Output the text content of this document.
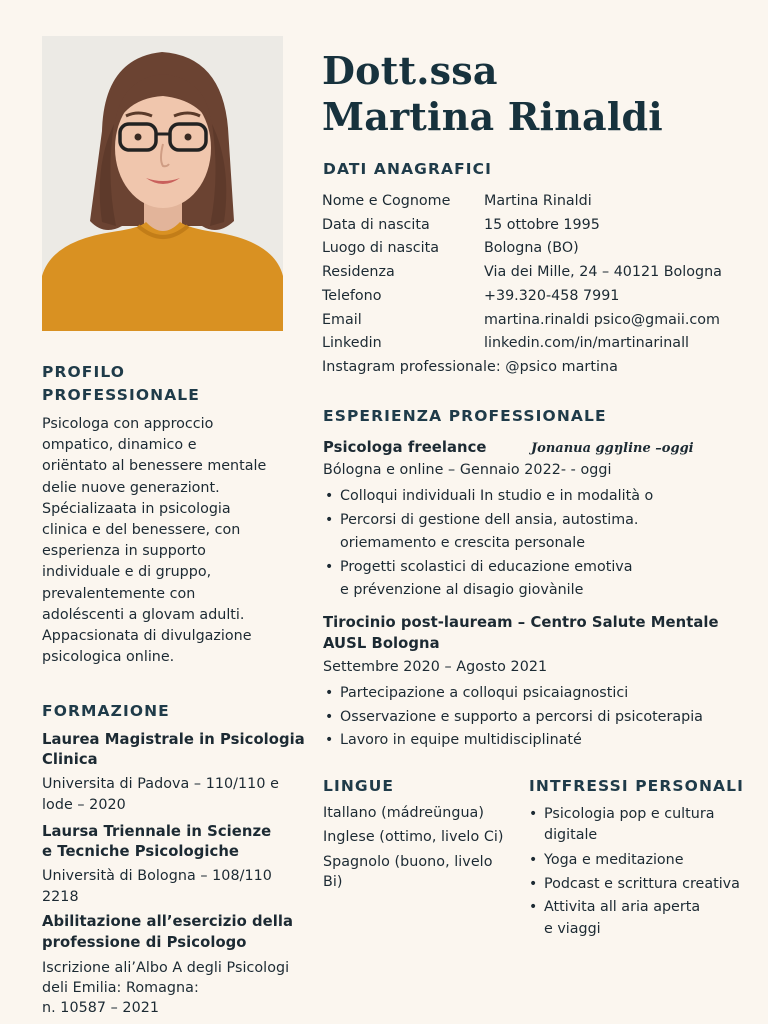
Dott.ssa
Martina Rinaldi
DATI ANAGRAFICI
Nome e Cognome Martina Rinaldi
Data di nascita	15 ottobre 1995
Luogo di nascita	Bologna (BO)
Residenza	Via dei Mille, 24 – 40121 Bologna
Telefono	+39.320-458 7991
Email	martina.rinaldi psico@gmaii.com
Linkedin	linkedin.com/in/martinarinall
Instagram professionale: @psico martina
PROFILO
PROFESSIONALE
Psicologa con approccio
ompatico, dinamico e
oriëntato al benessere mentale
delie nuove generaziont.
Spécializaata in psicologia
clinica e del benessere, con
esperienza in supporto
individuale e di gruppo,
prevalentemente con
adoléscenti a glovam adulti.
Appacsionata di divulgazione
psicologica online.
ESPERIENZA PROFESSIONALE
Psicologa freelance	Jonanua ggŋline –oggi
Bólogna e online – Gennaio 2022- - oggi
• Colloqui individuali In studio e in modalità o
• Percorsi di gestione dell ansia, autostima.
oriemamento e crescita personale
• Progetti scolastici di educazione emotiva
e prévenzione al disagio giovànile
Tirocinio post-lauream – Centro Salute Mentale
AUSL Bologna
Settembre 2020 – Agosto 2021
• Partecipazione a colloqui psicaiagnostici
• Osservazione e supporto a percorsi di psicoterapia
• Lavoro in equipe multidisciplinaté
FORMAZIONE
Laurea Magistrale in Psicologia
Clinica
Universita di Padova – 110/110 e
lode – 2020
Laursa Triennale in Scienze
e Tecniche Psicologiche
Università di Bologna – 108/110
2218
Abilitazione all’esercizio della
professione di Psicologo
Iscrizione ali’Albo A degli Psicologi
deli Emilia: Romagna:
n. 10587 – 2021
LINGUE
Itallano (mádreüngua)
Inglese (ottimo, livelo Ci)
Spagnolo (buono, livelo
Bi)
INTFRESSI PERSONALI
• Psicologia pop e cultura
digitale
• Yoga e meditazione
• Podcast e scrittura creativa
• Attivita all aria aperta
e viaggi
